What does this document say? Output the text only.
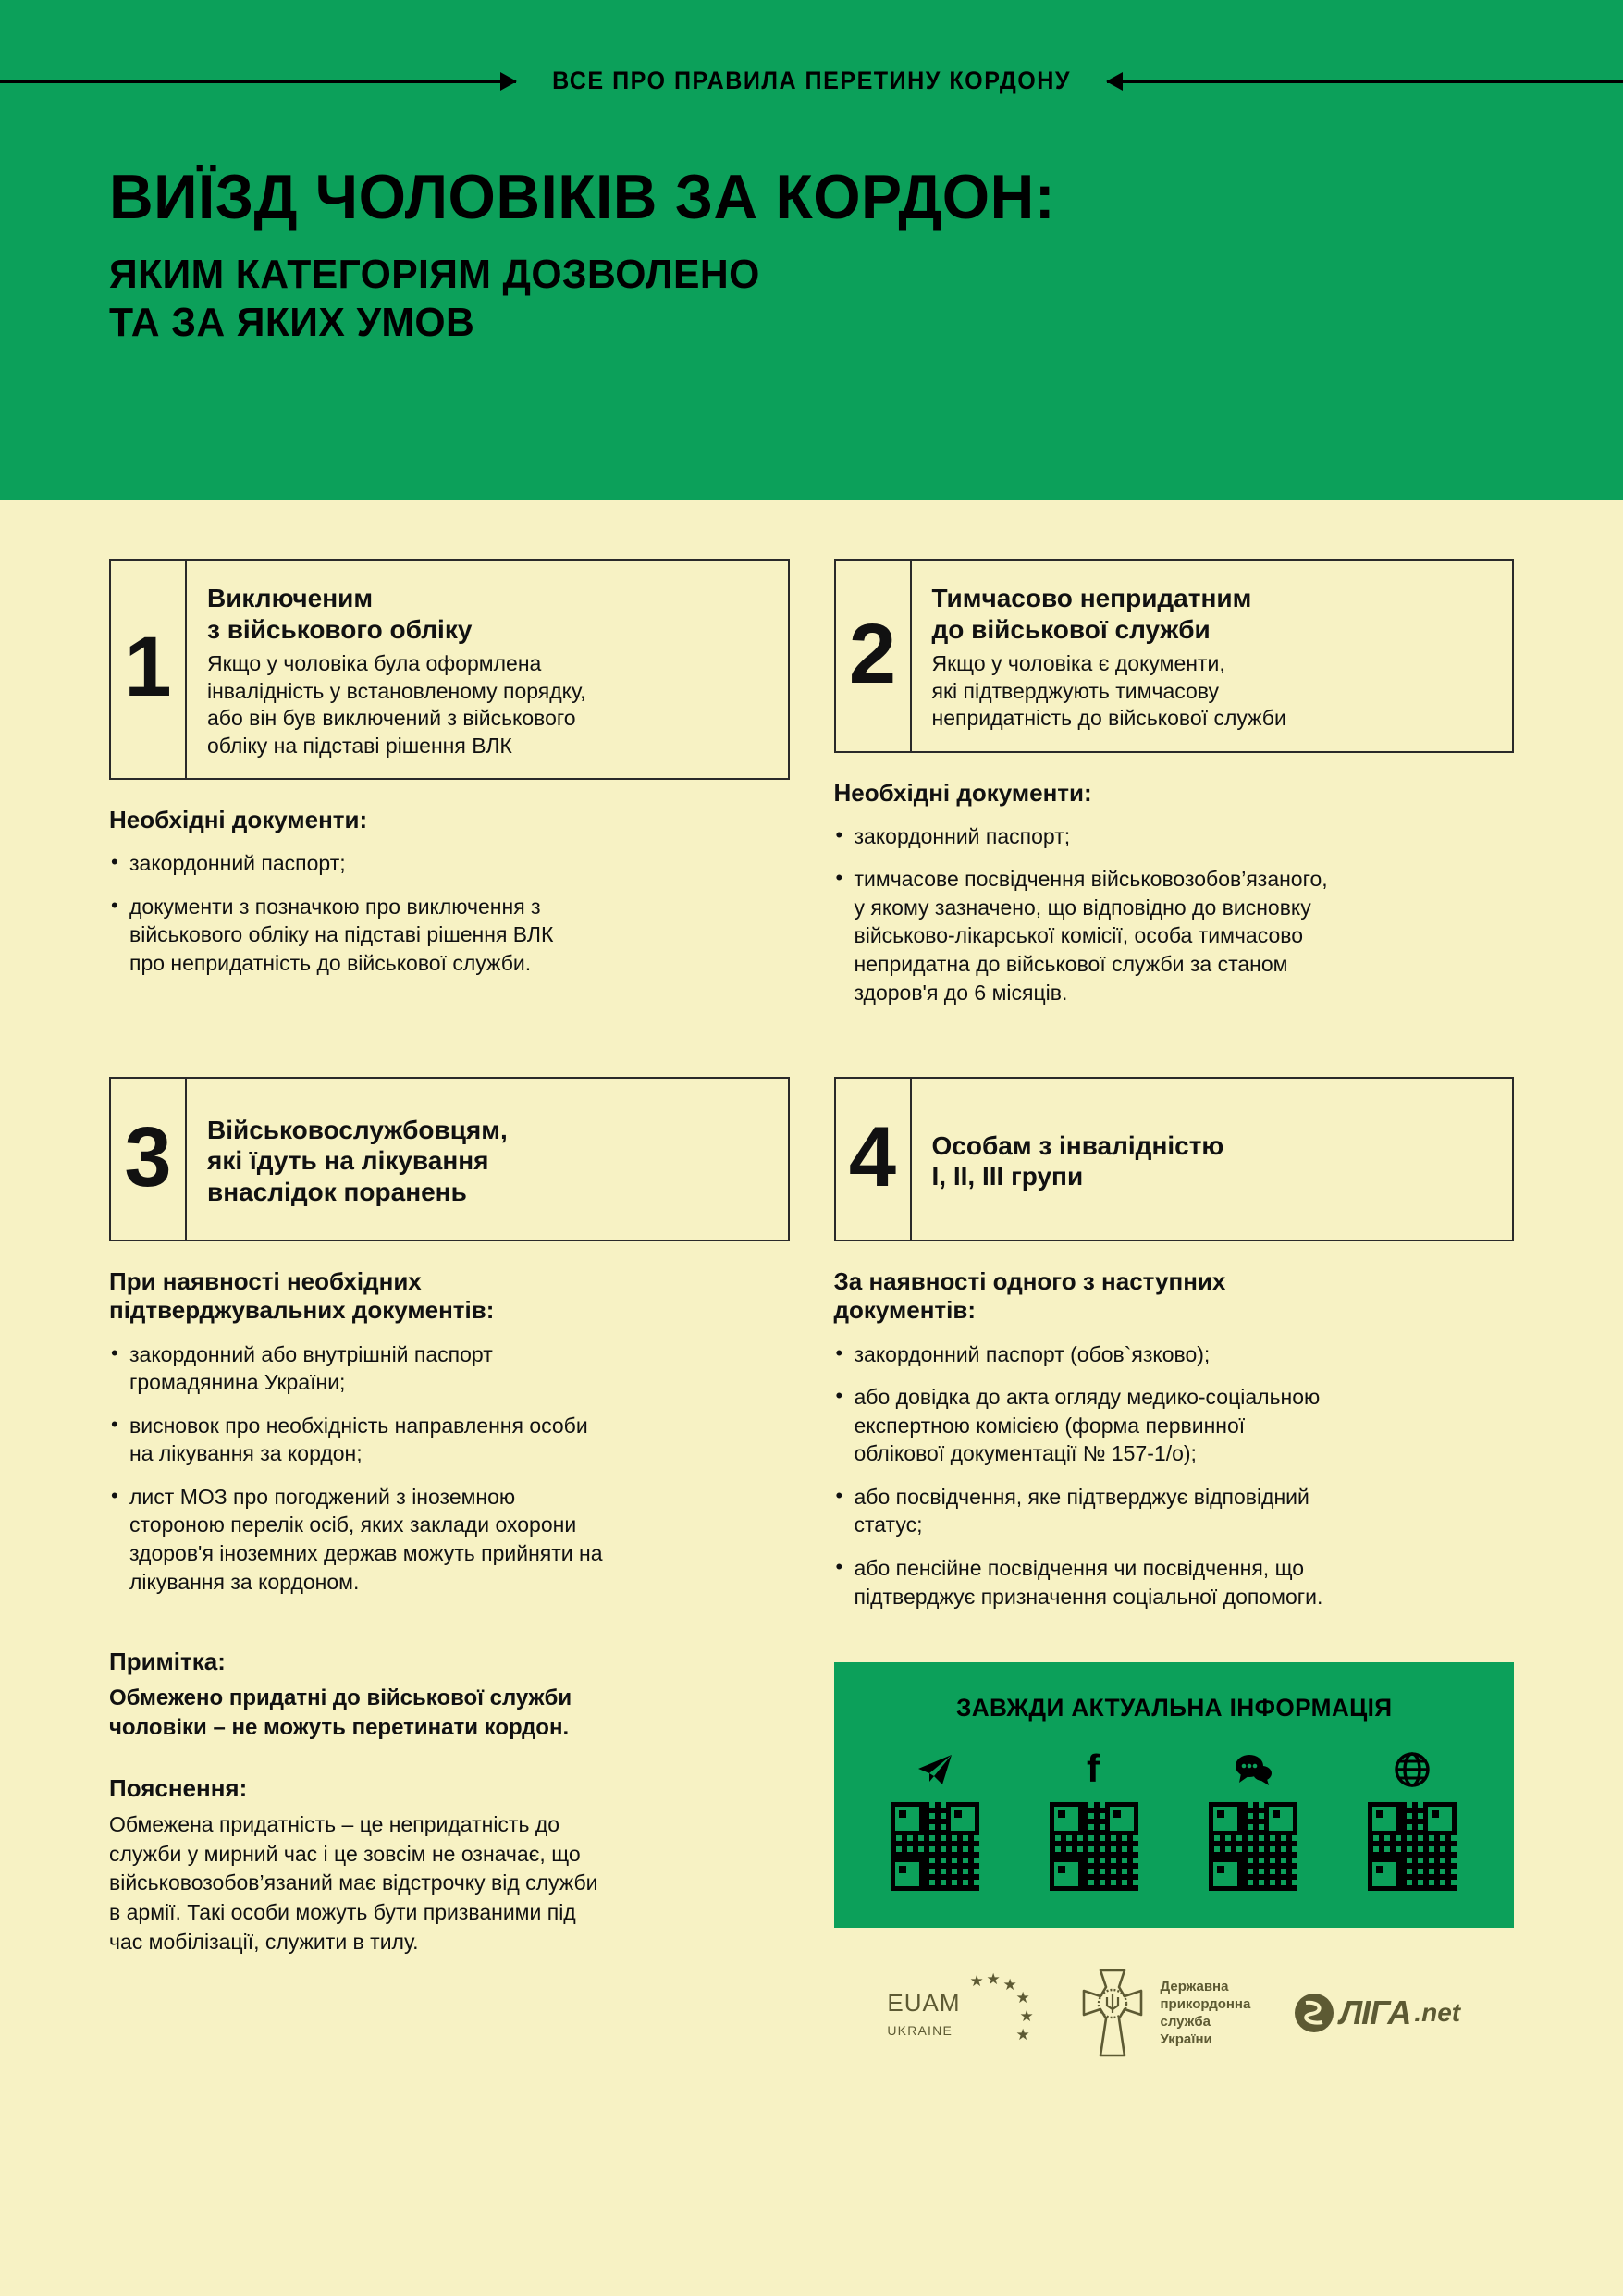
ВСЕ ПРО ПРАВИЛА ПЕРЕТИНУ КОРДОНУ
ВИЇЗД ЧОЛОВІКІВ ЗА КОРДОН:
ЯКИМ КАТЕГОРІЯМ ДОЗВОЛЕНО
ТА ЗА ЯКИХ УМОВ
1
Виключеним
з військового обліку
Якщо у чоловіка була оформлена
інвалідність у встановленому порядку,
або він був виключений з військового
обліку на підставі рішення ВЛК
Необхідні документи:
• закордонний паспорт;
• документи з позначкою про виключення з
військового обліку на підставі рішення ВЛК
про непридатність до військової служби.
2
Тимчасово непридатним
до військової служби
Якщо у чоловіка є документи,
які підтверджують тимчасову
непридатність до військової служби
Необхідні документи:
• закордонний паспорт;
• тимчасове посвідчення військовозобов’язаного,
у якому зазначено, що відповідно до висновку
військово-лікарської комісії, особа тимчасово
непридатна до військової служби за станом
здоров'я до 6 місяців.
3	Військовослужбовцям,
які їдуть на лікування
внаслідок поранень
При наявності необхідних
підтверджувальних документів:
• закордонний або внутрішній паспорт
громадянина України;
• висновок про необхідність направлення особи
на лікування за кордон;
• лист МОЗ про погоджений з іноземною
стороною перелік осіб, яких заклади охорони
здоров'я іноземних держав можуть прийняти на
лікування за кордоном.
Примітка:
Обмежено придатні до військової служби
чоловіки – не можуть перетинати кордон.
Пояснення:
Обмежена придатність – це непридатність до
служби у мирний час і це зовсім не означає, що
військовозобов’язаний має відстрочку від служби
в армії. Такі особи можуть бути призваними під
час мобілізації, служити в тилу.
4	Особам з інвалідністю
I, II, III групи
За наявності одного з наступних
документів:
• закордонний паспорт (обов`язково);
• або довідка до акта огляду медико-соціальною
експертною комісією (форма первинної
облікової документації № 157-1/о);
• або посвідчення, яке підтверджує відповідний
статус;
• або пенсійне посвідчення чи посвідчення, що
підтверджує призначення соціальної допомоги.
ЗАВЖДИ АКТУАЛЬНА ІНФОРМАЦІЯ
f
EUAM
UKRAINE
★ ★ ★
★
★
★
Державна
прикордонна
служба
України
ЛІГА .net
